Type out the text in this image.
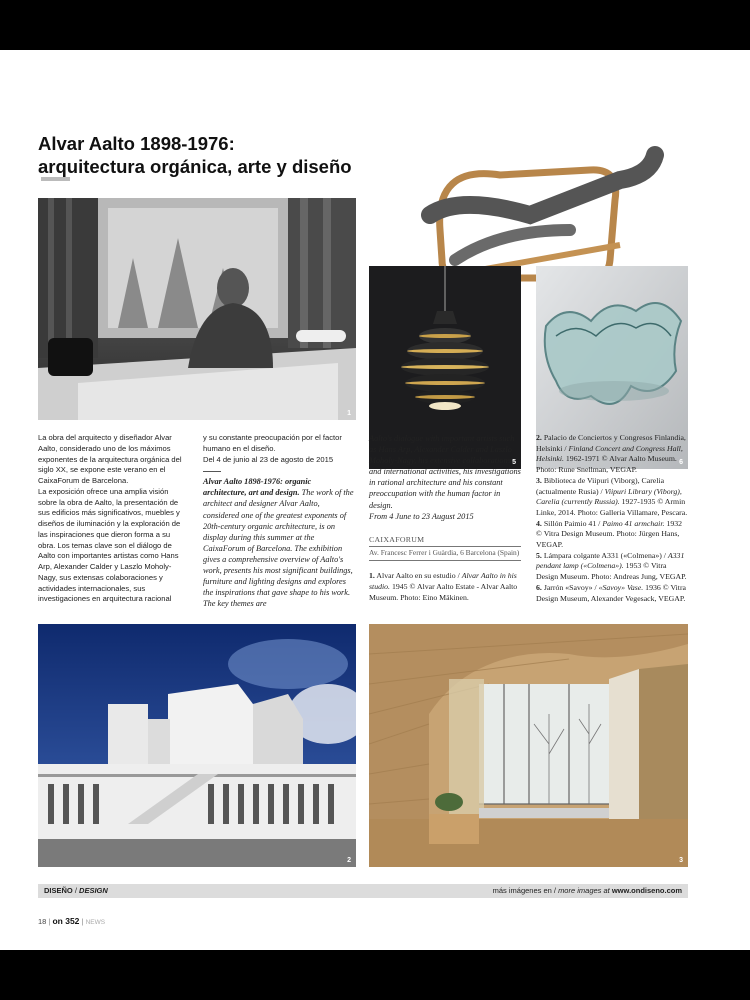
Alvar Aalto 1898-1976:
arquitectura orgánica, arte y diseño
1
5	6

La obra del arquitecto y diseñador Alvar Aalto, considerado uno de los máximos exponentes de la arquitectura orgánica del siglo XX, se expone este verano en el CaixaForum de Barcelona.

La exposición ofrece una amplia visión sobre la obra de Aalto, la presentación de sus edificios más significativos, muebles y diseños de iluminación y la exploración de las inspiraciones que dieron forma a su obra. Los temas clave son el diálogo de Aalto con importantes artistas como Hans Arp, Alexander Calder y Laszlo Moholy-Nagy, sus extensas colaboraciones y actividades internacionales, sus investigaciones en arquitectura racional

y su constante preocupación por el factor humano en el diseño.

Del 4 de junio al 23 de agosto de 2015

Alvar Aalto 1898-1976: organic architecture, art and design. The work of the architect and designer Alvar Aalto, considered one of the greatest exponents of 20th-century organic architecture, is on display during this summer at the CaixaForum of Barcelona. The exhibition gives a comprehensive overview of Aalto's work, presents his most significant buildings, furniture and lighting designs and explores the inspirations that gave shape to his work. The key themes are

Aalto's dialogue with important artists such as Hans Arp, Alexander Calder and Laszlo Moholy-Nagy, his extensive collaborations and international activities, his investigations in rational architecture and his constant preoccupation with the human factor in design.

From 4 June to 23 August 2015

CAIXAFORUM
Av. Francesc Ferrer i Guàrdia, 6 Barcelona (Spain)

1. Alvar Aalto en su estudio / Alvar Aalto in his studio. 1945 © Alvar Aalto Estate - Alvar Aalto Museum. Photo: Eino Mäkinen.

2. Palacio de Conciertos y Congresos Finlandia, Helsinki / Finland Concert and Congress Hall, Helsinki. 1962-1971 © Alvar Aalto Museum. Photo: Rune Snellman, VEGAP.

3. Biblioteca de Viipuri (Viborg), Carelia (actualmente Rusia) / Viipuri Library (Viborg), Carelia (currently Russia). 1927-1935 © Armin Linke, 2014. Photo: Galleria Villamare, Pescara.

4. Sillón Paimio 41 / Paimo 41 armchair. 1932 © Vitra Design Museum. Photo: Jürgen Hans, VEGAP.

5. Lámpara colgante A331 («Colmena») / A331 pendant lamp («Colmena»). 1953 © Vitra Design Museum. Photo: Andreas Jung, VEGAP.

6. Jarrón «Savoy» / «Savoy» Vase. 1936 © Vitra Design Museum, Alexander Vegesack, VEGAP.

2	3
DISEÑO / DESIGN	más imágenes en / more images at www.ondiseno.com
18 | on 352 | NEWS
